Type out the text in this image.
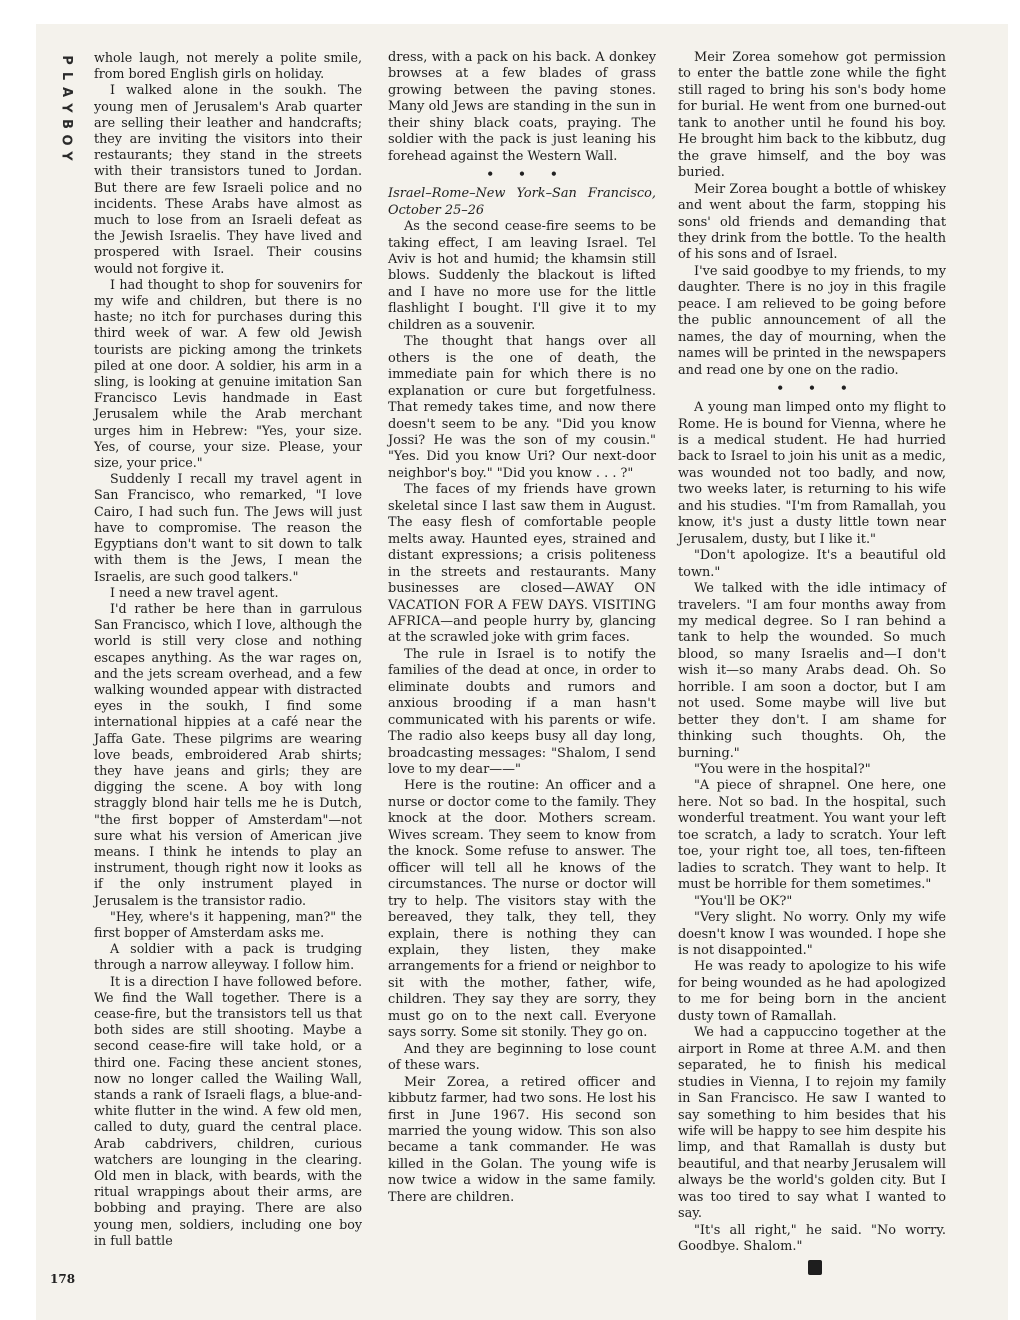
P
L
A
Y
B
O
Y

whole laugh, not merely a polite smile, from bored English girls on holiday.

I walked alone in the soukh. The young men of Jerusalem's Arab quarter are selling their leather and handcrafts; they are inviting the visitors into their restaurants; they stand in the streets with their transistors tuned to Jordan. But there are few Israeli police and no incidents. These Arabs have almost as much to lose from an Israeli defeat as the Jewish Israelis. They have lived and prospered with Israel. Their cousins would not forgive it.

I had thought to shop for souvenirs for my wife and children, but there is no haste; no itch for purchases during this third week of war. A few old Jewish tourists are picking among the trinkets piled at one door. A soldier, his arm in a sling, is looking at genuine imitation San Francisco Levis handmade in East Jerusalem while the Arab merchant urges him in Hebrew: "Yes, your size. Yes, of course, your size. Please, your size, your price."

Suddenly I recall my travel agent in San Francisco, who remarked, "I love Cairo, I had such fun. The Jews will just have to compromise. The reason the Egyptians don't want to sit down to talk with them is the Jews, I mean the Israelis, are such good talkers."

I need a new travel agent.

I'd rather be here than in garrulous San Francisco, which I love, although the world is still very close and nothing escapes anything. As the war rages on, and the jets scream overhead, and a few walking wounded appear with distracted eyes in the soukh, I find some international hippies at a café near the Jaffa Gate. These pilgrims are wearing love beads, embroidered Arab shirts; they have jeans and girls; they are digging the scene. A boy with long straggly blond hair tells me he is Dutch, "the first bopper of Amsterdam"—not sure what his version of American jive means. I think he intends to play an instrument, though right now it looks as if the only instrument played in Jerusalem is the transistor radio.

"Hey, where's it happening, man?" the first bopper of Amsterdam asks me.

A soldier with a pack is trudging through a narrow alleyway. I follow him.

It is a direction I have followed before. We find the Wall together. There is a cease-fire, but the transistors tell us that both sides are still shooting. Maybe a second cease-fire will take hold, or a third one. Facing these ancient stones, now no longer called the Wailing Wall, stands a rank of Israeli flags, a blue-and-white flutter in the wind. A few old men, called to duty, guard the central place. Arab cabdrivers, children, curious watchers are lounging in the clearing. Old men in black, with beards, with the ritual wrappings about their arms, are bobbing and praying. There are also young men, soldiers, including one boy in full battle

dress, with a pack on his back. A donkey browses at a few blades of grass growing between the paving stones. Many old Jews are standing in the sun in their shiny black coats, praying. The soldier with the pack is just leaning his forehead against the Western Wall.

• • •

Israel–Rome–New York–San Francisco, October 25–26

As the second cease-fire seems to be taking effect, I am leaving Israel. Tel Aviv is hot and humid; the khamsin still blows. Suddenly the blackout is lifted and I have no more use for the little flashlight I bought. I'll give it to my children as a souvenir.

The thought that hangs over all others is the one of death, the immediate pain for which there is no explanation or cure but forgetfulness. That remedy takes time, and now there doesn't seem to be any. "Did you know Jossi? He was the son of my cousin." "Yes. Did you know Uri? Our next-door neighbor's boy." "Did you know . . . ?"

The faces of my friends have grown skeletal since I last saw them in August. The easy flesh of comfortable people melts away. Haunted eyes, strained and distant expressions; a crisis politeness in the streets and restaurants. Many businesses are closed—AWAY ON VACATION FOR A FEW DAYS. VISITING AFRICA—and people hurry by, glancing at the scrawled joke with grim faces.

The rule in Israel is to notify the families of the dead at once, in order to eliminate doubts and rumors and anxious brooding if a man hasn't communicated with his parents or wife. The radio also keeps busy all day long, broadcasting messages: "Shalom, I send love to my dear——"

Here is the routine: An officer and a nurse or doctor come to the family. They knock at the door. Mothers scream. Wives scream. They seem to know from the knock. Some refuse to answer. The officer will tell all he knows of the circumstances. The nurse or doctor will try to help. The visitors stay with the bereaved, they talk, they tell, they explain, there is nothing they can explain, they listen, they make arrangements for a friend or neighbor to sit with the mother, father, wife, children. They say they are sorry, they must go on to the next call. Everyone says sorry. Some sit stonily. They go on.

And they are beginning to lose count of these wars.

Meir Zorea, a retired officer and kibbutz farmer, had two sons. He lost his first in June 1967. His second son married the young widow. This son also became a tank commander. He was killed in the Golan. The young wife is now twice a widow in the same family. There are children.

Meir Zorea somehow got permission to enter the battle zone while the fight still raged to bring his son's body home for burial. He went from one burned-out tank to another until he found his boy. He brought him back to the kibbutz, dug the grave himself, and the boy was buried.

Meir Zorea bought a bottle of whiskey and went about the farm, stopping his sons' old friends and demanding that they drink from the bottle. To the health of his sons and of Israel.

I've said goodbye to my friends, to my daughter. There is no joy in this fragile peace. I am relieved to be going before the public announcement of all the names, the day of mourning, when the names will be printed in the newspapers and read one by one on the radio.

• • •

A young man limped onto my flight to Rome. He is bound for Vienna, where he is a medical student. He had hurried back to Israel to join his unit as a medic, was wounded not too badly, and now, two weeks later, is returning to his wife and his studies. "I'm from Ramallah, you know, it's just a dusty little town near Jerusalem, dusty, but I like it."

"Don't apologize. It's a beautiful old town."

We talked with the idle intimacy of travelers. "I am four months away from my medical degree. So I ran behind a tank to help the wounded. So much blood, so many Israelis and—I don't wish it—so many Arabs dead. Oh. So horrible. I am soon a doctor, but I am not used. Some maybe will live but better they don't. I am shame for thinking such thoughts. Oh, the burning."

"You were in the hospital?"

"A piece of shrapnel. One here, one here. Not so bad. In the hospital, such wonderful treatment. You want your left toe scratch, a lady to scratch. Your left toe, your right toe, all toes, ten-fifteen ladies to scratch. They want to help. It must be horrible for them sometimes."

"You'll be OK?"

"Very slight. No worry. Only my wife doesn't know I was wounded. I hope she is not disappointed."

He was ready to apologize to his wife for being wounded as he had apologized to me for being born in the ancient dusty town of Ramallah.

We had a cappuccino together at the airport in Rome at three A.M. and then separated, he to finish his medical studies in Vienna, I to rejoin my family in San Francisco. He saw I wanted to say something to him besides that his wife will be happy to see him despite his limp, and that Ramallah is dusty but beautiful, and that nearby Jerusalem will always be the world's golden city. But I was too tired to say what I wanted to say.

"It's all right," he said. "No worry. Goodbye. Shalom."

178
